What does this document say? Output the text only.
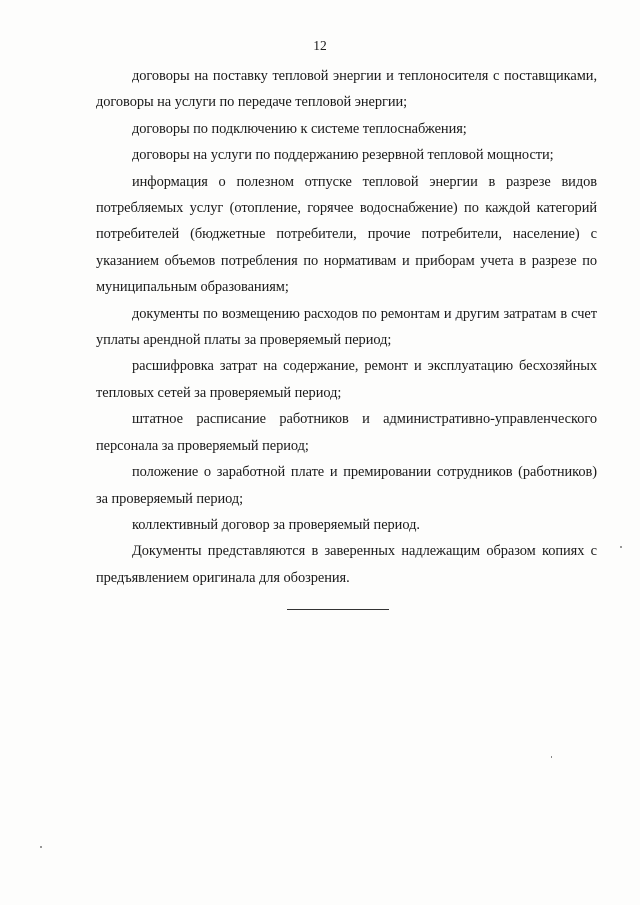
12

договоры на поставку тепловой энергии и теплоносителя с поставщиками, договоры на услуги по передаче тепловой энергии;

договоры по подключению к системе теплоснабжения;

договоры на услуги по поддержанию резервной тепловой мощности;

информация о полезном отпуске тепловой энергии в разрезе видов потребляемых услуг (отопление, горячее водоснабжение) по каждой категорий потребителей (бюджетные потребители, прочие потребители, население) с указанием объемов потребления по нормативам и приборам учета в разрезе по муниципальным образованиям;

документы по возмещению расходов по ремонтам и другим затратам в счет уплаты арендной платы за проверяемый период;

расшифровка затрат на содержание, ремонт и эксплуатацию бесхозяйных тепловых сетей за проверяемый период;

штатное расписание работников и административно-управленческого персонала за проверяемый период;

положение о заработной плате и премировании сотрудников (работников) за проверяемый период;

коллективный договор за проверяемый период.

Документы представляются в заверенных надлежащим образом копиях с предъявлением оригинала для обозрения.
